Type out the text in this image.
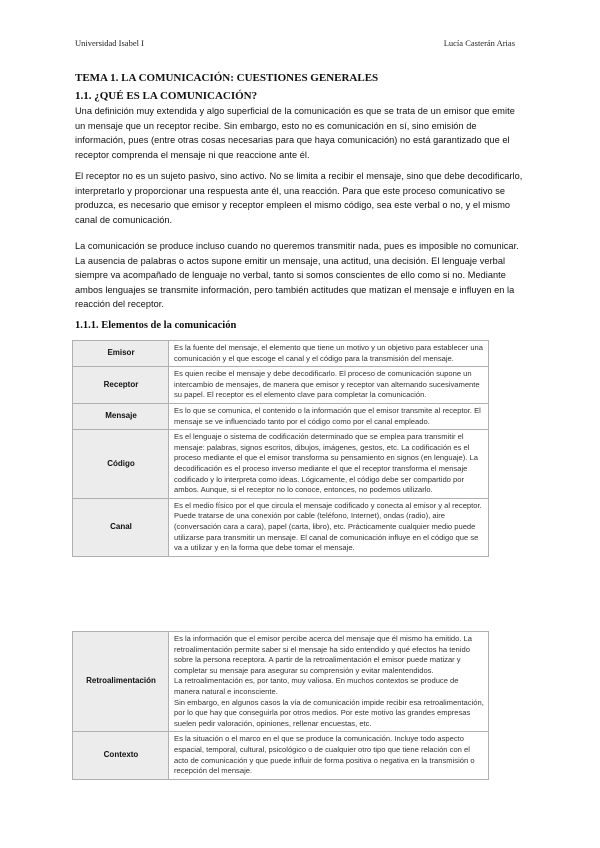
Universidad Isabel I	Lucía Casterán Arias
TEMA 1. LA COMUNICACIÓN: CUESTIONES GENERALES
1.1. ¿QUÉ ES LA COMUNICACIÓN?
Una definición muy extendida y algo superficial de la comunicación es que se trata de un emisor que emite un mensaje que un receptor recibe. Sin embargo, esto no es comunicación en sí, sino emisión de información, pues (entre otras cosas necesarias para que haya comunicación) no está garantizado que el receptor comprenda el mensaje ni que reaccione ante él.
El receptor no es un sujeto pasivo, sino activo. No se limita a recibir el mensaje, sino que debe decodificarlo, interpretarlo y proporcionar una respuesta ante él, una reacción. Para que este proceso comunicativo se produzca, es necesario que emisor y receptor empleen el mismo código, sea este verbal o no, y el mismo canal de comunicación.
La comunicación se produce incluso cuando no queremos transmitir nada, pues es imposible no comunicar. La ausencia de palabras o actos supone emitir un mensaje, una actitud, una decisión. El lenguaje verbal siempre va acompañado de lenguaje no verbal, tanto si somos conscientes de ello como si no. Mediante ambos lenguajes se transmite información, pero también actitudes que matizan el mensaje e influyen en la reacción del receptor.
1.1.1. Elementos de la comunicación
Emisor	Es la fuente del mensaje, el elemento que tiene un motivo y un objetivo para establecer una comunicación y el que escoge el canal y el código para la transmisión del mensaje.

Receptor	Es quien recibe el mensaje y debe decodificarlo. El proceso de comunicación supone un intercambio de mensajes, de manera que emisor y receptor van alternando sucesivamente su papel. El receptor es el elemento clave para completar la comunicación.

Mensaje	Es lo que se comunica, el contenido o la información que el emisor transmite al receptor. El mensaje se ve influenciado tanto por el código como por el canal empleado.

Código	Es el lenguaje o sistema de codificación determinado que se emplea para transmitir el mensaje: palabras, signos escritos, dibujos, imágenes, gestos, etc. La codificación es el proceso mediante el que el emisor transforma su pensamiento en signos (en lenguaje). La decodificación es el proceso inverso mediante el que el receptor transforma el mensaje codificado y lo interpreta como ideas. Lógicamente, el código debe ser compartido por ambos. Aunque, si el receptor no lo conoce, entonces, no podemos utilizarlo.

Canal	Es el medio físico por el que circula el mensaje codificado y conecta al emisor y al receptor. Puede tratarse de una conexión por cable (teléfono, Internet), ondas (radio), aire (conversación cara a cara), papel (carta, libro), etc. Prácticamente cualquier medio puede utilizarse para transmitir un mensaje. El canal de comunicación influye en el código que se va a utilizar y en la forma que debe tomar el mensaje.
Retroalimentación	Es la información que el emisor percibe acerca del mensaje que él mismo ha emitido. La retroalimentación permite saber si el mensaje ha sido entendido y qué efectos ha tenido sobre la persona receptora. A partir de la retroalimentación el emisor puede matizar y completar su mensaje para asegurar su comprensión y evitar malentendidos.
La retroalimentación es, por tanto, muy valiosa. En muchos contextos se produce de manera natural e inconsciente.
Sin embargo, en algunos casos la vía de comunicación impide recibir esa retroalimentación, por lo que hay que conseguirla por otros medios. Por este motivo las grandes empresas suelen pedir valoración, opiniones, rellenar encuestas, etc.

Contexto	Es la situación o el marco en el que se produce la comunicación. Incluye todo aspecto espacial, temporal, cultural, psicológico o de cualquier otro tipo que tiene relación con el acto de comunicación y que puede influir de forma positiva o negativa en la transmisión o recepción del mensaje.
